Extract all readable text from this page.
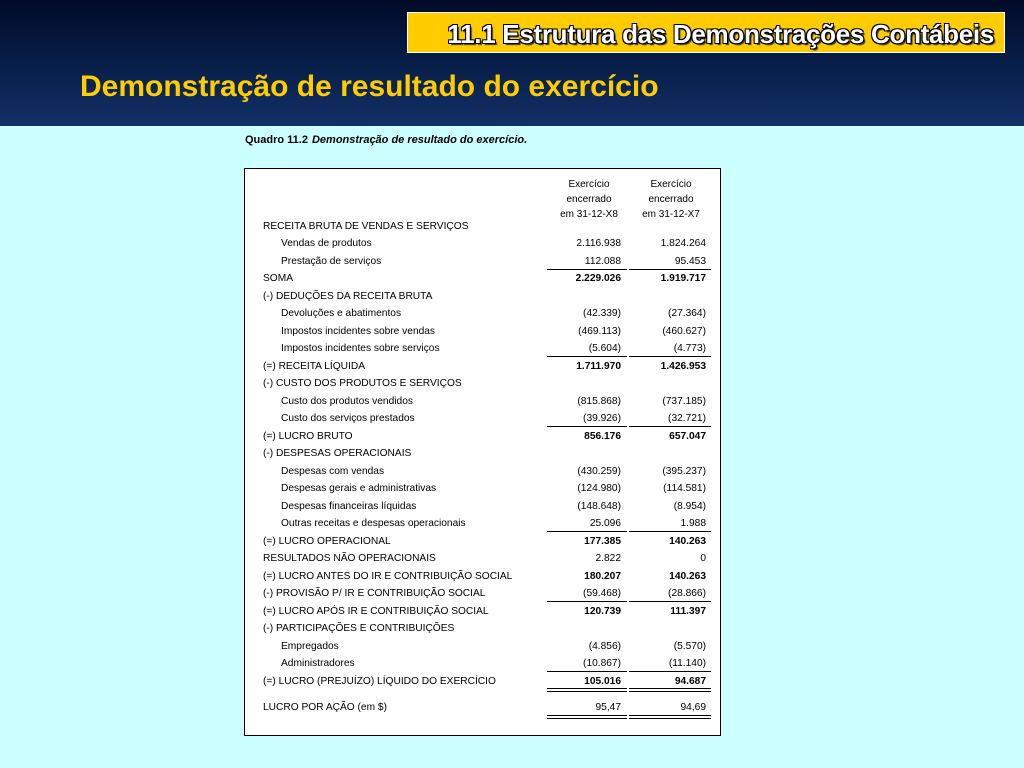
11.1 Estrutura das Demonstrações Contábeis
Demonstração de resultado do exercício
Quadro 11.2 Demonstração de resultado do exercício.
Exercício
encerrado
em 31-12-X8
Exercício
encerrado
em 31-12-X7
RECEITA BRUTA DE VENDAS E SERVIÇOS
Vendas de produtos	2.116.938	1.824.264
Prestação de serviços	112.088	95.453
SOMA	2.229.026	1.919.717
(-) DEDUÇÕES DA RECEITA BRUTA
Devoluções e abatimentos	(42.339)	(27.364)
Impostos incidentes sobre vendas	(469.113)	(460.627)
Impostos incidentes sobre serviços	(5.604)	(4.773)
(=) RECEITA LÍQUIDA	1.711.970	1.426.953
(-) CUSTO DOS PRODUTOS E SERVIÇOS
Custo dos produtos vendidos	(815.868)	(737.185)
Custo dos serviços prestados	(39.926)	(32.721)
(=) LUCRO BRUTO	856.176	657.047
(-) DESPESAS OPERACIONAIS
Despesas com vendas	(430.259)	(395.237)
Despesas gerais e administrativas	(124.980)	(114.581)
Despesas financeiras líquidas	(148.648)	(8.954)
Outras receitas e despesas operacionais	25.096	1.988
(=) LUCRO OPERACIONAL	177.385	140.263
RESULTADOS NÃO OPERACIONAIS	2.822	0
(=) LUCRO ANTES DO IR E CONTRIBUIÇÃO SOCIAL	180.207	140.263
(-) PROVISÃO P/ IR E CONTRIBUIÇÃO SOCIAL	(59.468)	(28.866)
(=) LUCRO APÓS IR E CONTRIBUIÇÃO SOCIAL	120.739	111.397
(-) PARTICIPAÇÕES E CONTRIBUIÇÕES
Empregados	(4.856)	(5.570)
Administradores	(10.867)	(11.140)
(=) LUCRO (PREJUÍZO) LÍQUIDO DO EXERCÍCIO	105.016	94.687
LUCRO POR AÇÃO (em $)	95,47	94,69
